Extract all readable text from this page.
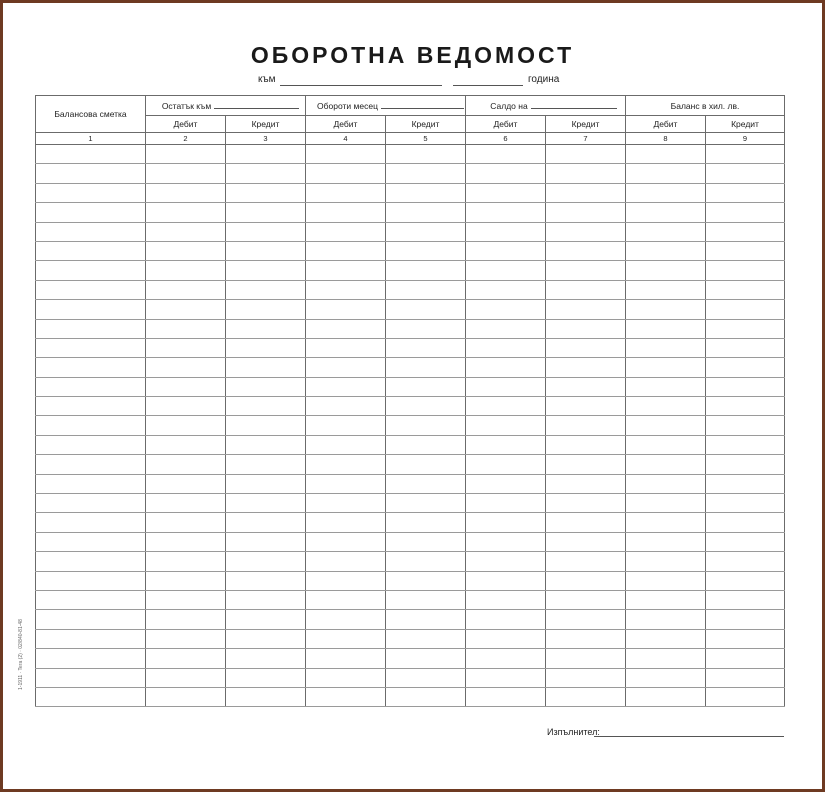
ОБОРОТНА ВЕДОМОСТ
към	година
Балансова сметка	Остатък към		Обороти месец		Салдо на		Баланс в хил. лв.	
	Дебит	Кредит	Дебит	Кредит	Дебит	Кредит	Дебит	Кредит
1	2	3	4	5	6	7	8	9

1-1911 · Tera (2) · 02/840-81-48
Изпълнител:
